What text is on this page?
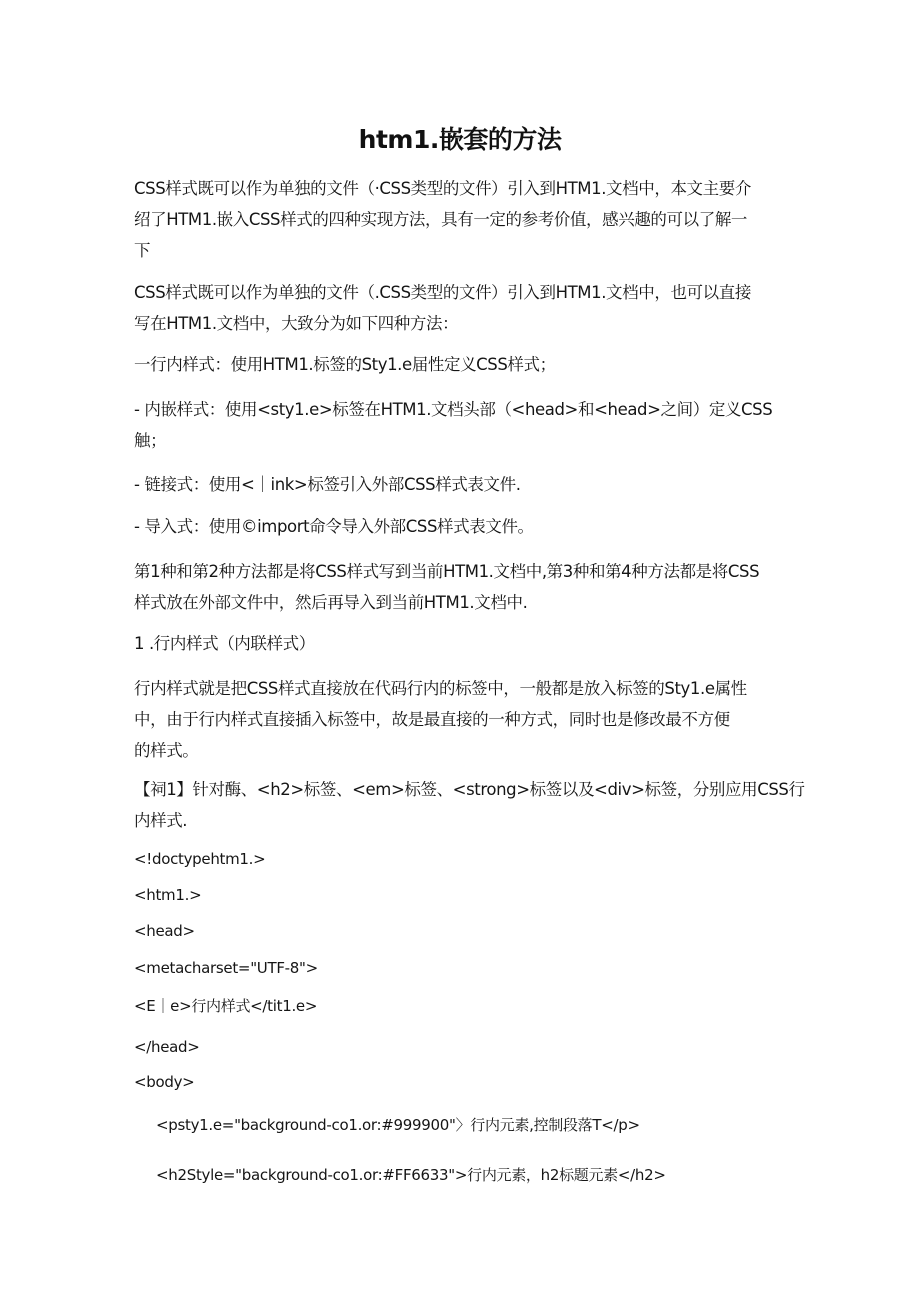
htm1.嵌套的方法
CSS样式既可以作为单独的文件（·CSS类型的文件）引入到HTM1.文档中，本文主要介
绍了HTM1.嵌入CSS样式的四种实现方法，具有一定的参考价值，感兴趣的可以了解一
下
CSS样式既可以作为单独的文件（.CSS类型的文件）引入到HTM1.文档中，也可以直接
写在HTM1.文档中，大致分为如下四种方法：
一行内样式：使用HTM1.标签的Sty1.e届性定义CSS样式；
- 内嵌样式：使用<sty1.e>标签在HTM1.文档头部（<head>和<head>之间）定义CSS
触；
- 链接式：使用<｜ink>标签引入外部CSS样式表文件.
- 导入式：使用©import命令导入外部CSS样式表文件。
第1种和第2种方法都是将CSS样式写到当前HTM1.文档中,第3种和第4种方法都是将CSS
样式放在外部文件中，然后再导入到当前HTM1.文档中.
1 .行内样式（内联样式）
行内样式就是把CSS样式直接放在代码行内的标签中，一般都是放入标签的Sty1.e属性
中，由于行内样式直接插入标签中，故是最直接的一种方式，同时也是修改最不方便
的样式。
【祠1】针对酶、<h2>标签、<em>标签、<strong>标签以及<div>标签，分别应用CSS行
内样式.
<!doctypehtm1.>
<htm1.>
<head>
<metacharset="UTF-8">
<E｜e>行内样式</tit1.e>
</head>
<body>
<psty1.e="background-co1.or:#999900"〉行内元素,控制段落T</p>
<h2Style="background-co1.or:#FF6633">行内元素，h2标题元素</h2>
